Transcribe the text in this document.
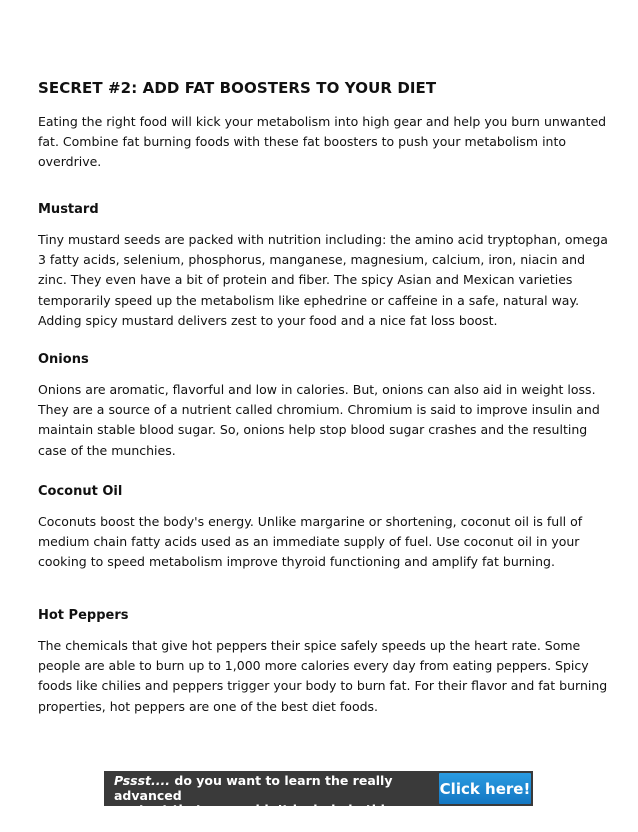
SECRET #2: ADD FAT BOOSTERS TO YOUR DIET

Eating the right food will kick your metabolism into high gear and help you burn unwanted fat. Combine fat burning foods with these fat boosters to push your metabolism into overdrive.

Mustard

Tiny mustard seeds are packed with nutrition including: the amino acid tryptophan, omega 3 fatty acids, selenium, phosphorus, manganese, magnesium, calcium, iron, niacin and zinc. They even have a bit of protein and fiber. The spicy Asian and Mexican varieties temporarily speed up the metabolism like ephedrine or caffeine in a safe, natural way. Adding spicy mustard delivers zest to your food and a nice fat loss boost.

Onions

Onions are aromatic, flavorful and low in calories. But, onions can also aid in weight loss. They are a source of a nutrient called chromium. Chromium is said to improve insulin and maintain stable blood sugar. So, onions help stop blood sugar crashes and the resulting case of the munchies.

Coconut Oil

Coconuts boost the body's energy. Unlike margarine or shortening, coconut oil is full of medium chain fatty acids used as an immediate supply of fuel. Use coconut oil in your cooking to speed metabolism improve thyroid functioning and amplify fat burning.

Hot Peppers

The chemicals that give hot peppers their spice safely speeds up the heart rate. Some people are able to burn up to 1,000 more calories every day from eating peppers. Spicy foods like chilies and peppers trigger your body to burn fat. For their flavor and fat burning properties, hot peppers are one of the best diet foods.

Pssst.... do you want to learn the really advanced
content that we couldn’t include in this eBook?
Click here!
